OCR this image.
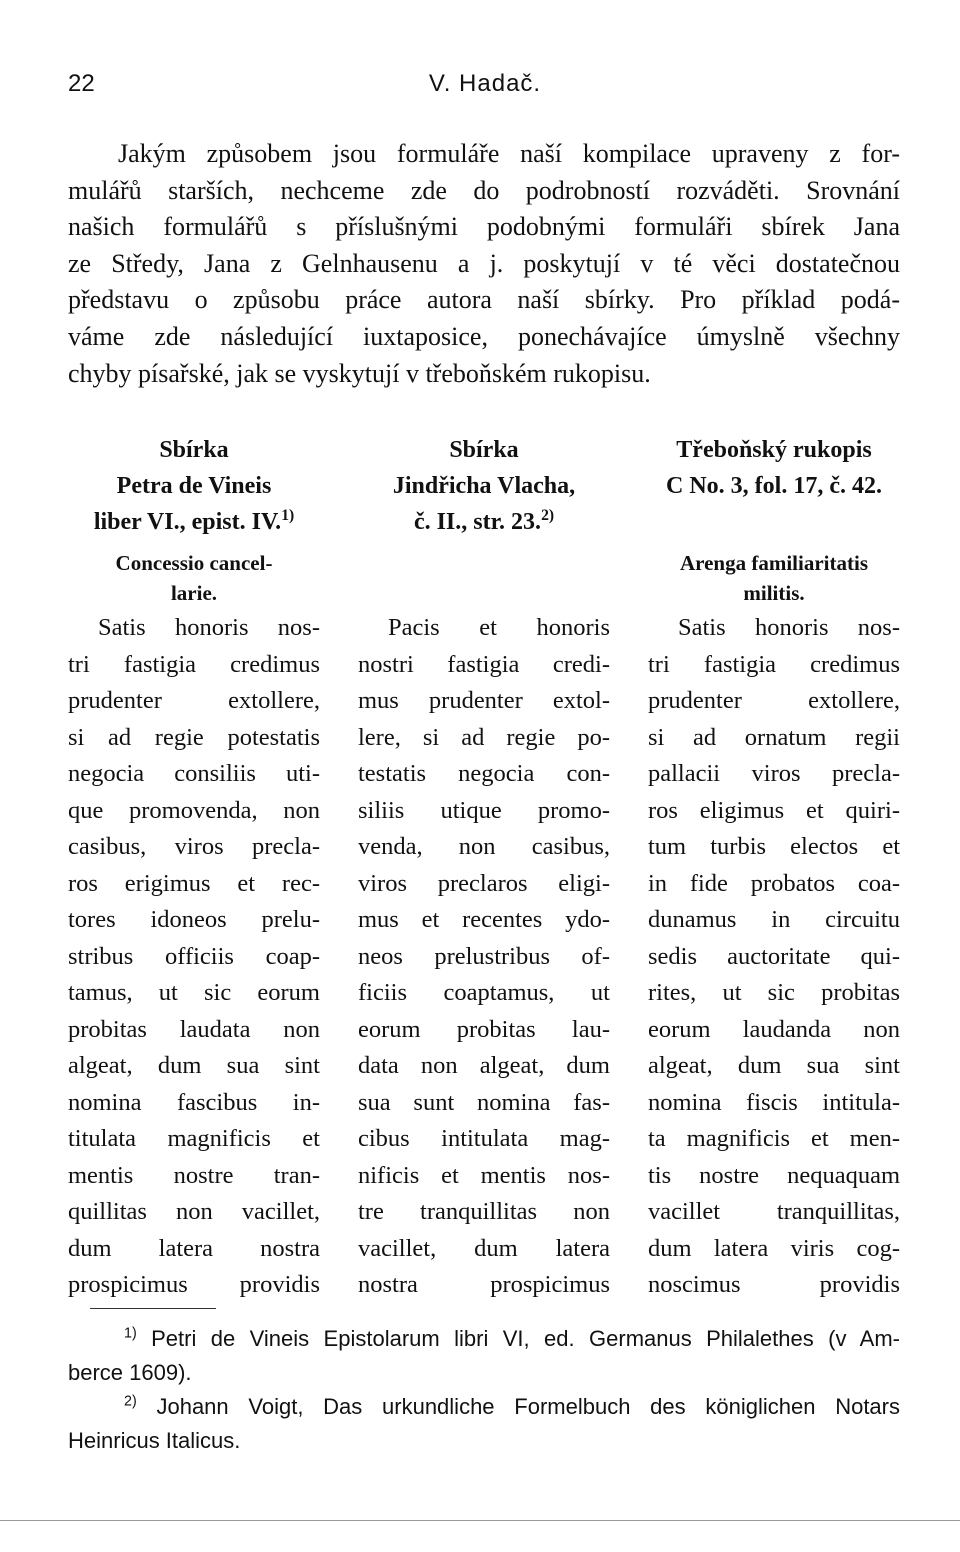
22	V. Hadač.
Jakým způsobem jsou formuláře naší kompilace upraveny z for-
mulářů starších, nechceme zde do podrobností rozváděti. Srovnání
našich formulářů s příslušnými podobnými formuláři sbírek Jana
ze Středy, Jana z Gelnhausenu a j. poskytují v té věci dostatečnou
představu o způsobu práce autora naší sbírky. Pro příklad podá-
váme zde následující iuxtaposice, ponechávajíce úmyslně všechny
chyby písařské, jak se vyskytují v třeboňském rukopisu.
Sbírka
Petra de Vineis
liber VI., epist. IV.$^{1)}$
Concessio cancel-
larie.
Satis honoris nos-
tri fastigia credimus
prudenter extollere,
si ad regie potestatis
negocia consiliis uti-
que promovenda, non
casibus, viros precla-
ros erigimus et rec-
tores idoneos prelu-
stribus officiis coap-
tamus, ut sic eorum
probitas laudata non
algeat, dum sua sint
nomina fascibus in-
titulata magnificis et
mentis nostre tran-
quillitas non vacillet,
dum latera nostra
prospicimus providis
Sbírka
Jindřicha Vlacha,
č. II., str. 23.$^{2)}$
Pacis et honoris
nostri fastigia credi-
mus prudenter extol-
lere, si ad regie po-
testatis negocia con-
siliis utique promo-
venda, non casibus,
viros preclaros eligi-
mus et recentes ydo-
neos prelustribus of-
ficiis coaptamus, ut
eorum probitas lau-
data non algeat, dum
sua sunt nomina fas-
cibus intitulata mag-
nificis et mentis nos-
tre tranquillitas non
vacillet, dum latera
nostra prospicimus
Třeboňský rukopis
C No. 3, fol. 17, č. 42.

Arenga familiaritatis
militis.
Satis honoris nos-
tri fastigia credimus
prudenter extollere,
si ad ornatum regii
pallacii viros precla-
ros eligimus et quiri-
tum turbis electos et
in fide probatos coa-
dunamus in circuitu
sedis auctoritate qui-
rites, ut sic probitas
eorum laudanda non
algeat, dum sua sint
nomina fiscis intitula-
ta magnificis et men-
tis nostre nequaquam
vacillet tranquillitas,
dum latera viris cog-
noscimus providis
$^{1)}$ Petri de Vineis Epistolarum libri VI, ed. Germanus Philalethes (v Am-
berce 1609).
$^{2)}$ Johann Voigt, Das urkundliche Formelbuch des königlichen Notars
Heinricus Italicus.
